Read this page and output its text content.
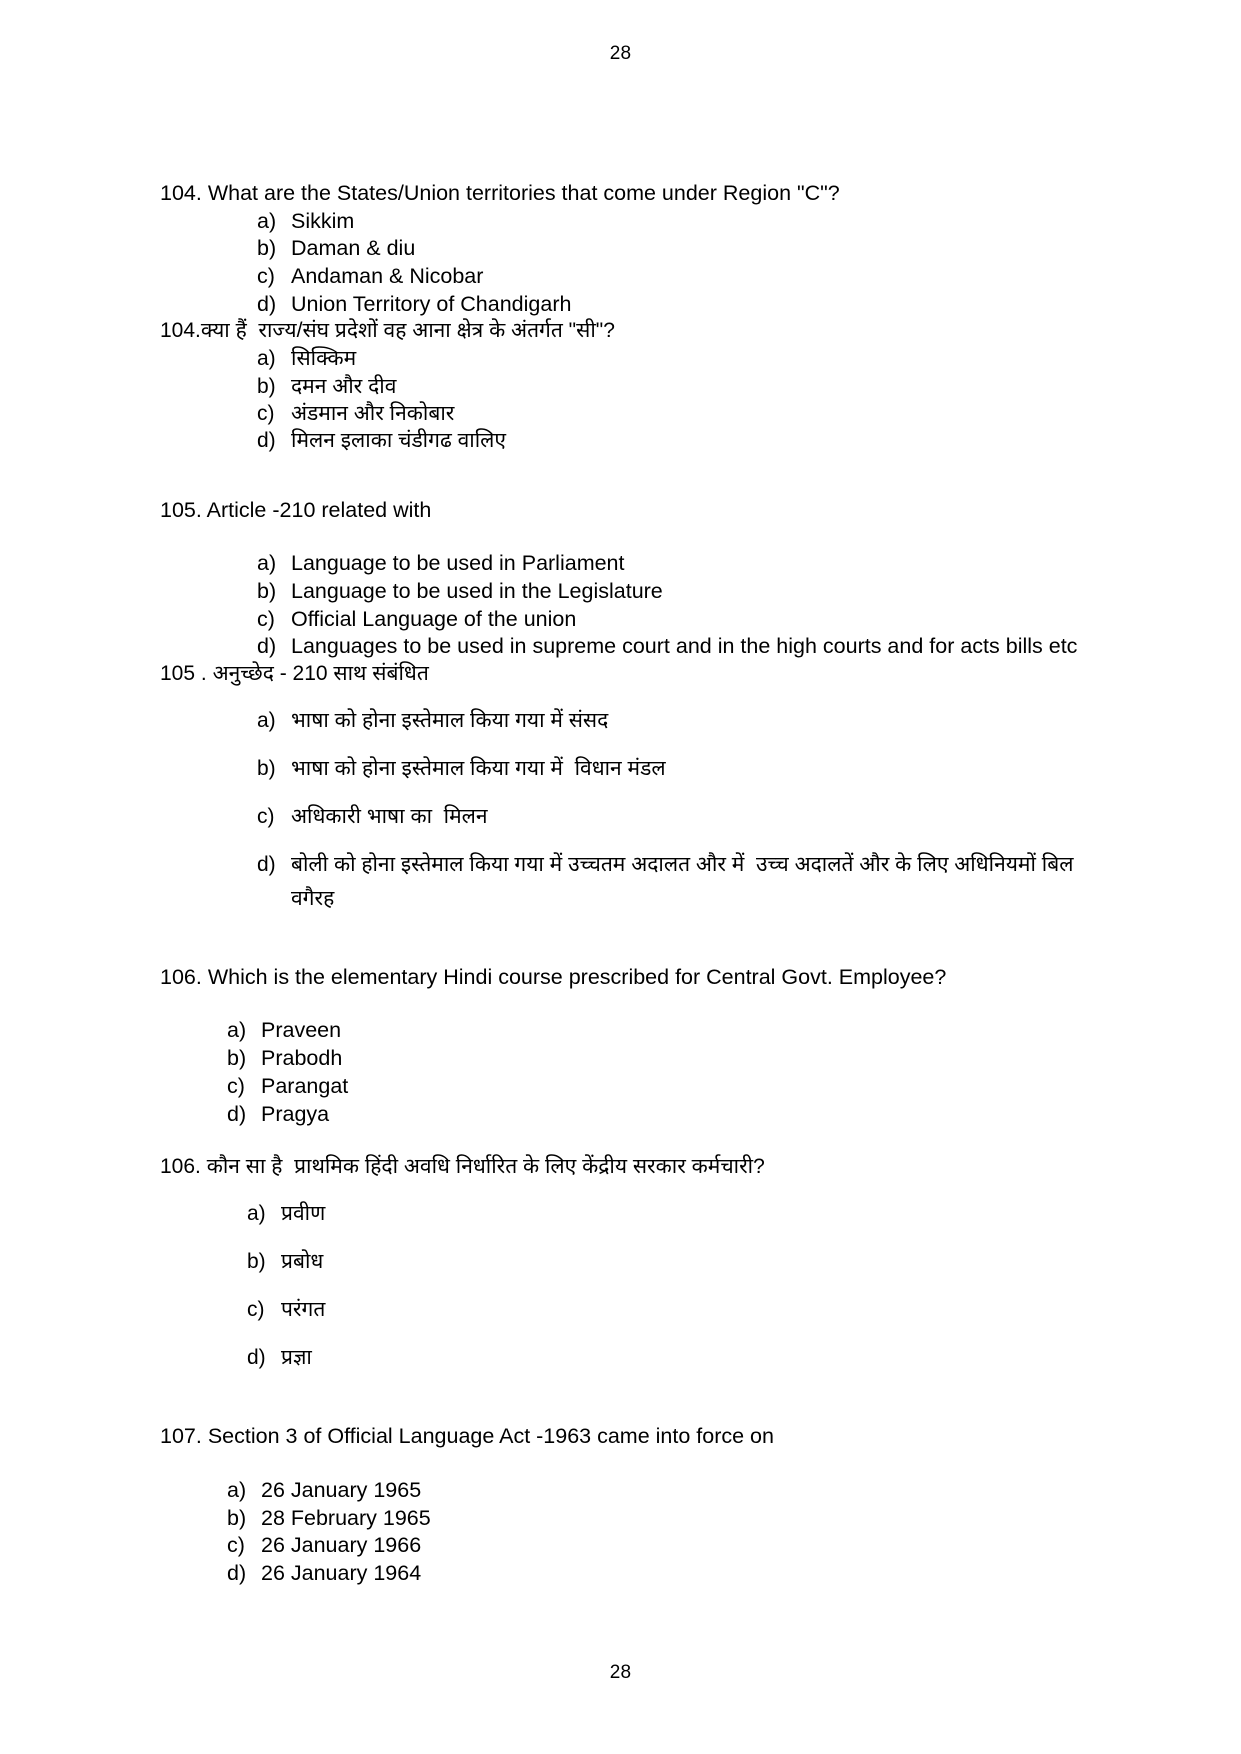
28

104. What are the States/Union territories that come under Region "C"?

a) Sikkim
b) Daman & diu
c) Andaman & Nicobar
d) Union Territory of Chandigarh

104.क्या हैं  राज्य/संघ प्रदेशों वह आना क्षेत्र के अंतर्गत "सी"?

a) सिक्किम
b) दमन और दीव
c) अंडमान और निकोबार
d) मिलन इलाका चंडीगढ वालिए

105. Article -210 related with

a) Language to be used in Parliament
b) Language to be used in the Legislature
c) Official Language of the union
d) Languages to be used in supreme court and in the high courts and for acts bills etc

105 . अनुच्छेद - 210 साथ संबंधित

a) भाषा को होना इस्तेमाल किया गया में संसद
b) भाषा को होना इस्तेमाल किया गया में  विधान मंडल
c) अधिकारी भाषा का  मिलन
d) बोली को होना इस्तेमाल किया गया में उच्चतम अदालत और में  उच्च अदालतें और के लिए अधिनियमों बिल वगैरह

106. Which is the elementary Hindi course prescribed for Central Govt. Employee?

a) Praveen
b) Prabodh
c) Parangat
d) Pragya

106. कौन सा है  प्राथमिक हिंदी अवधि निर्धारित के लिए केंद्रीय सरकार कर्मचारी?

a) प्रवीण
b) प्रबोध
c) परंगत
d) प्रज्ञा

107. Section 3 of Official Language Act -1963 came into force on

a) 26 January 1965
b) 28 February 1965
c) 26 January 1966
d) 26 January 1964
28
